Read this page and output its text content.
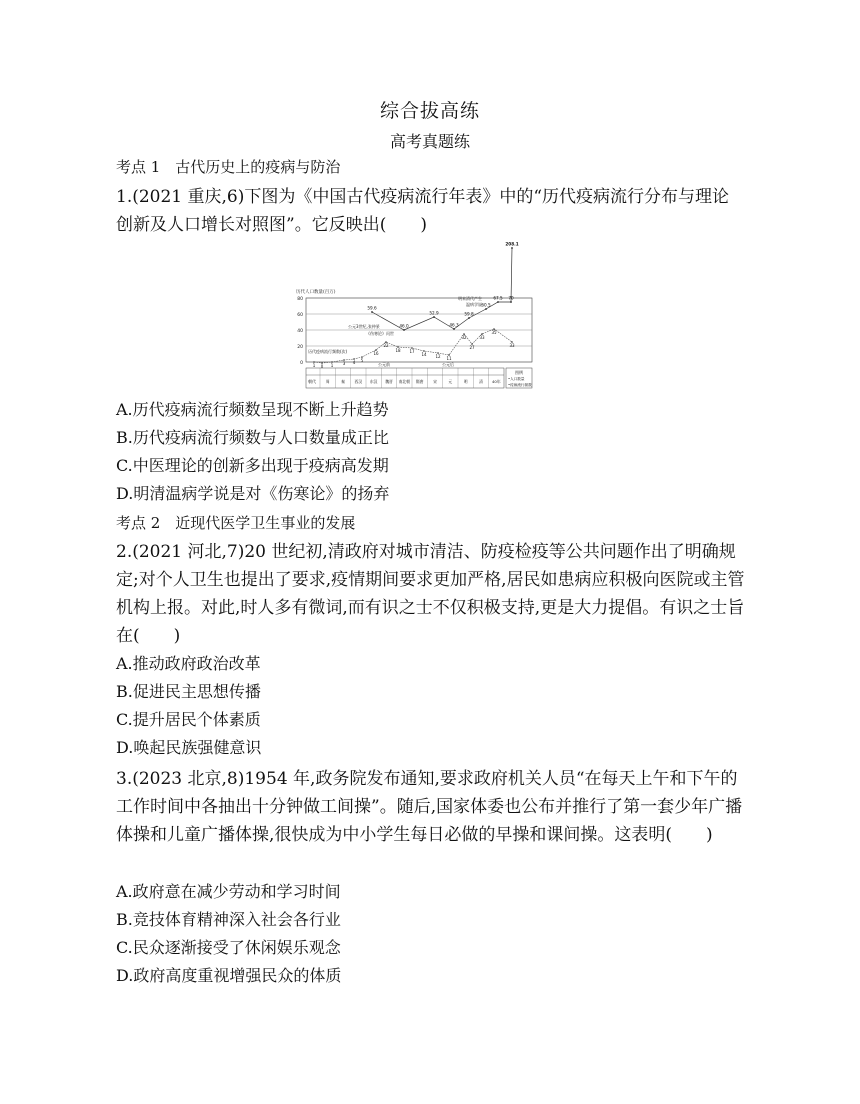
综合拔高练
高考真题练
考点 1　古代历史上的疫病与防治
1.(2021 重庆,6)下图为《中国古代疫病流行年表》中的“历代疫病流行分布与理论创新及人口增长对照图”。它反映出(　　)
0
20
40
60
80
历代人口数量(百万)
59.6
46.0
52.9
46.3
59.8
60.5
67.5 70
208.1
1 0 1 3 4 5
16
22
18 17
14 12 11
32
27
33
35
33
公元3世纪,张仲景
《伤寒论》问世
明末清代产生
温病学说
历代疫病流行频数(次)
公元前	公元后
朝代	周	秦	西汉 东汉 魏晋 南北朝 隋唐	宋	元	明	清 40年
图例
•人口数量
•疫病流行频数
A.历代疫病流行频数呈现不断上升趋势
B.历代疫病流行频数与人口数量成正比
C.中医理论的创新多出现于疫病高发期
D.明清温病学说是对《伤寒论》的扬弃
考点 2　近现代医学卫生事业的发展
2.(2021 河北,7)20 世纪初,清政府对城市清洁、防疫检疫等公共问题作出了明确规定;对个人卫生也提出了要求,疫情期间要求更加严格,居民如患病应积极向医院或主管机构上报。对此,时人多有微词,而有识之士不仅积极支持,更是大力提倡。有识之士旨在(　　)
A.推动政府政治改革
B.促进民主思想传播
C.提升居民个体素质
D.唤起民族强健意识
3.(2023 北京,8)1954 年,政务院发布通知,要求政府机关人员“在每天上午和下午的工作时间中各抽出十分钟做工间操”。随后,国家体委也公布并推行了第一套少年广播体操和儿童广播体操,很快成为中小学生每日必做的早操和课间操。这表明(　　)
A.政府意在减少劳动和学习时间
B.竞技体育精神深入社会各行业
C.民众逐渐接受了休闲娱乐观念
D.政府高度重视增强民众的体质
